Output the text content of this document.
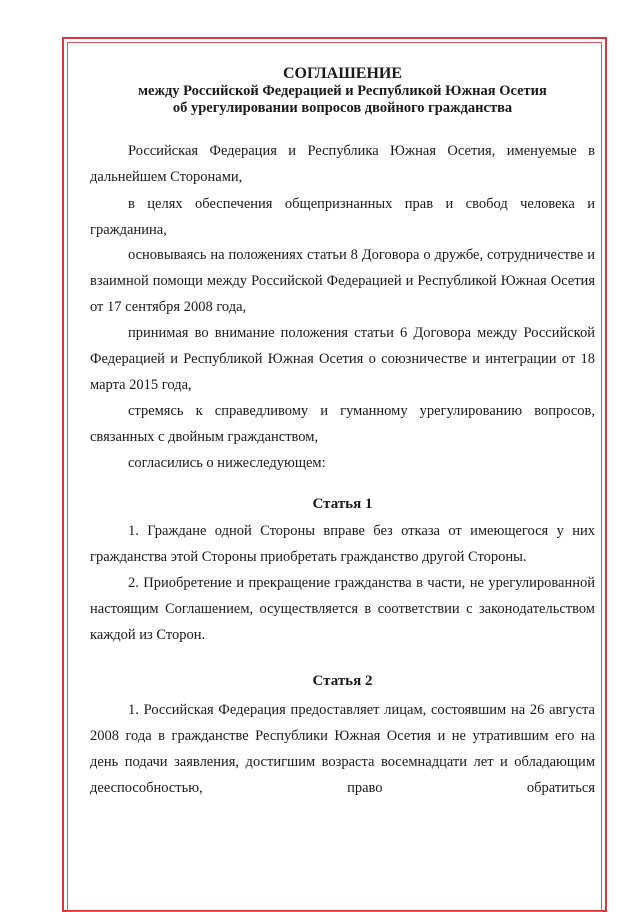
СОГЛАШЕНИЕ
между Российской Федерацией и Республикой Южная Осетия
об урегулировании вопросов двойного гражданства
Российская Федерация и Республика Южная Осетия, именуемые в дальнейшем Сторонами,
в целях обеспечения общепризнанных прав и свобод человека и гражданина,
основываясь на положениях статьи 8 Договора о дружбе, сотрудничестве и взаимной помощи между Российской Федерацией и Республикой Южная Осетия от 17 сентября 2008 года,
принимая во внимание положения статьи 6 Договора между Российской Федерацией и Республикой Южная Осетия о союзничестве и интеграции от 18 марта 2015 года,
стремясь к справедливому и гуманному урегулированию вопросов, связанных с двойным гражданством,
согласились о нижеследующем:
Статья 1
1. Граждане одной Стороны вправе без отказа от имеющегося у них гражданства этой Стороны приобретать гражданство другой Стороны.
2. Приобретение и прекращение гражданства в части, не урегулированной настоящим Соглашением, осуществляется в соответствии с законодательством каждой из Сторон.
Статья 2
1. Российская Федерация предоставляет лицам, состоявшим на 26 августа 2008 года в гражданстве Республики Южная Осетия и не утратившим его на день подачи заявления, достигшим возраста восемнадцати лет и обладающим дееспособностью, право обратиться
